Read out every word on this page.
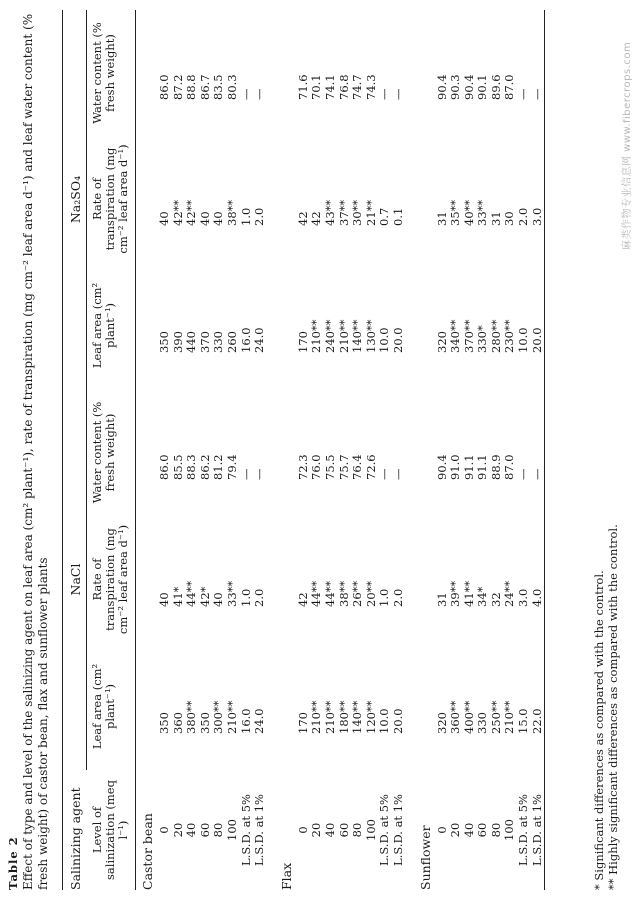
Table 2 Effect of type and level of the salinizing agent on leaf area (cm² plant⁻¹), rate of transpiration (mg cm⁻² leaf area d⁻¹) and leaf water content (% fresh weight) of castor bean, flax and sunflower plants Salinizing agent	NaCl			Na₂SO₄		
Level of salinization (meq l⁻¹)	Leaf area (cm² plant⁻¹)	Rate of transpiration (mg cm⁻² leaf area d⁻¹)	Water content (% fresh weight)	Leaf area (cm² plant⁻¹)	Rate of transpiration (mg cm⁻² leaf area d⁻¹)	Water content (% fresh weight)

Castor bean						
0	350	40	86.0	350	40	86.0
20	360	41*	85.5	390	42**	87.2
40	380**	44**	88.3	440	42**	88.8
60	350	42*	86.2	370	40	86.7
80	300**	40	81.2	330	40	83.5
100	210**	33**	79.4	260	38**	80.3
L.S.D. at 5%	16.0	1.0	—	16.0	1.0	—
L.S.D. at 1%	24.0	2.0	—	24.0	2.0	—

Flax						
0	170	42	72.3	170	42	71.6
20	210**	44**	76.0	210**	42	70.1
40	210**	44**	75.5	240**	43**	74.1
60	180**	38**	75.7	210**	37**	76.8
80	140**	26**	76.4	140**	30**	74.7
100	120**	20**	72.6	130**	21**	74.3
L.S.D. at 5%	10.0	1.0	—	10.0	0.7	—
L.S.D. at 1%	20.0	2.0	—	20.0	0.1	—

Sunflower						
0	320	31	90.4	320	31	90.4
20	360**	39**	91.0	340**	35**	90.3
40	400**	41**	91.1	370**	40**	90.4
60	330	34*	91.1	330*	33**	90.1
80	250**	32	88.9	280**	31	89.6
100	210**	24**	87.0	230**	30	87.0
L.S.D. at 5%	15.0	3.0	—	10.0	2.0	—
L.S.D. at 1%	22.0	4.0	—	20.0	3.0	—

* Significant differences as compared with the control. ** Highly significant differences as compared with the control.
麻类作物专业信息网 www.fibercrops.com
